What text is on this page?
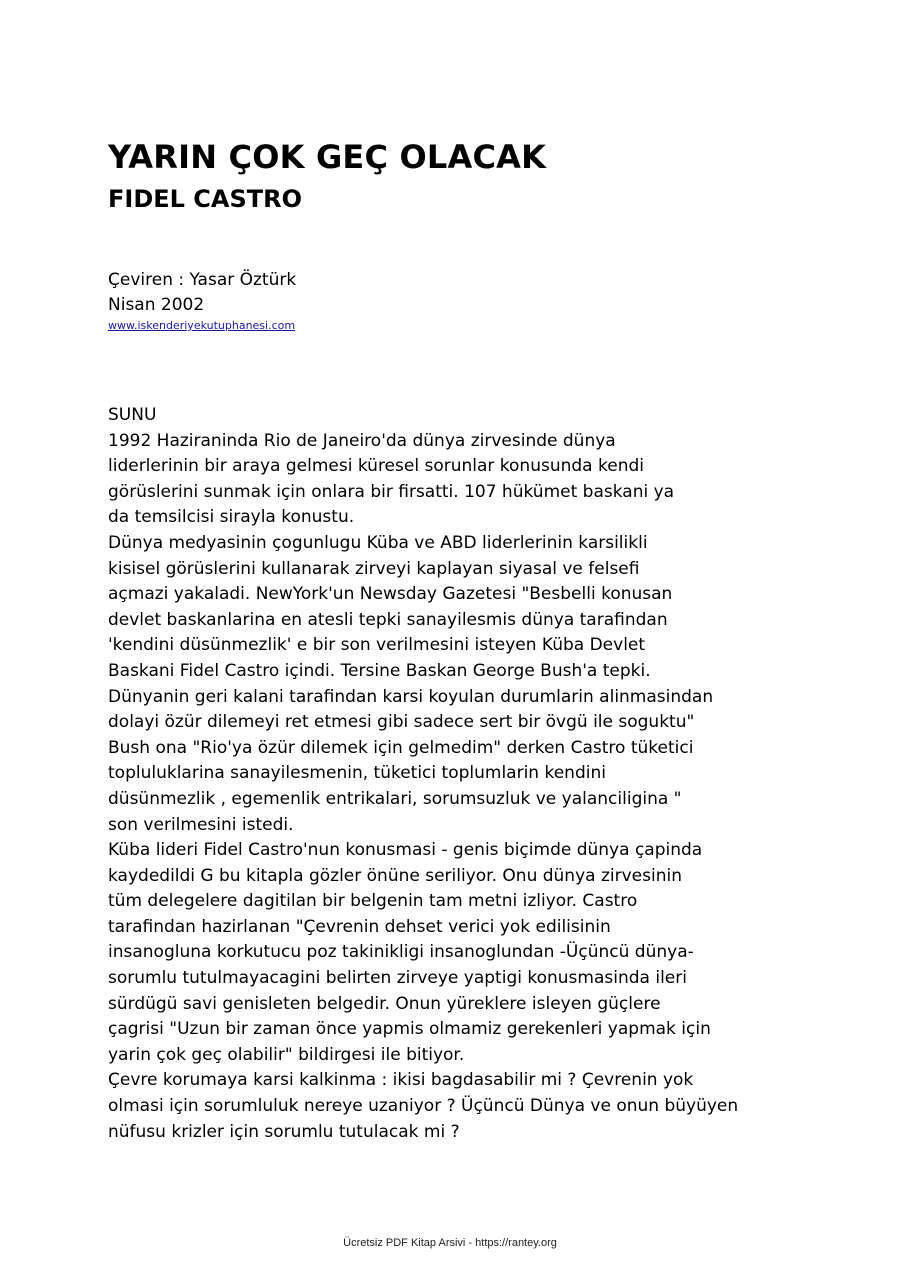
YARIN ÇOK GEÇ OLACAK
FIDEL CASTRO
Çeviren : Yasar Öztürk
Nisan 2002
www.iskenderiyekutuphanesi.com
SUNU
1992 Haziraninda Rio de Janeiro'da dünya zirvesinde dünya
liderlerinin bir araya gelmesi küresel sorunlar konusunda kendi
görüslerini sunmak için onlara bir firsatti. 107 hükümet baskani ya
da temsilcisi sirayla konustu.
Dünya medyasinin çogunlugu Küba ve ABD liderlerinin karsilikli
kisisel görüslerini kullanarak zirveyi kaplayan siyasal ve felsefi
açmazi yakaladi. NewYork'un Newsday Gazetesi "Besbelli konusan
devlet baskanlarina en atesli tepki sanayilesmis dünya tarafindan
'kendini düsünmezlik' e bir son verilmesini isteyen Küba Devlet
Baskani Fidel Castro içindi. Tersine Baskan George Bush'a tepki.
Dünyanin geri kalani tarafindan karsi koyulan durumlarin alinmasindan
dolayi özür dilemeyi ret etmesi gibi sadece sert bir övgü ile soguktu"
Bush ona "Rio'ya özür dilemek için gelmedim" derken Castro tüketici
topluluklarina sanayilesmenin, tüketici toplumlarin kendini
düsünmezlik , egemenlik entrikalari, sorumsuzluk ve yalanciligina "
son verilmesini istedi.
Küba lideri Fidel Castro'nun konusmasi - genis biçimde dünya çapinda
kaydedildi G bu kitapla gözler önüne seriliyor. Onu dünya zirvesinin
tüm delegelere dagitilan bir belgenin tam metni izliyor. Castro
tarafindan hazirlanan "Çevrenin dehset verici yok edilisinin
insanogluna korkutucu poz takinikligi insanoglundan -Üçüncü dünya-
sorumlu tutulmayacagini belirten zirveye yaptigi konusmasinda ileri
sürdügü savi genisleten belgedir. Onun yüreklere isleyen güçlere
çagrisi "Uzun bir zaman önce yapmis olmamiz gerekenleri yapmak için
yarin çok geç olabilir" bildirgesi ile bitiyor.
Çevre korumaya karsi kalkinma : ikisi bagdasabilir mi ? Çevrenin yok
olmasi için sorumluluk nereye uzaniyor ? Üçüncü Dünya ve onun büyüyen
nüfusu krizler için sorumlu tutulacak mi ?
Ücretsiz PDF Kitap Arsivi - https://rantey.org
